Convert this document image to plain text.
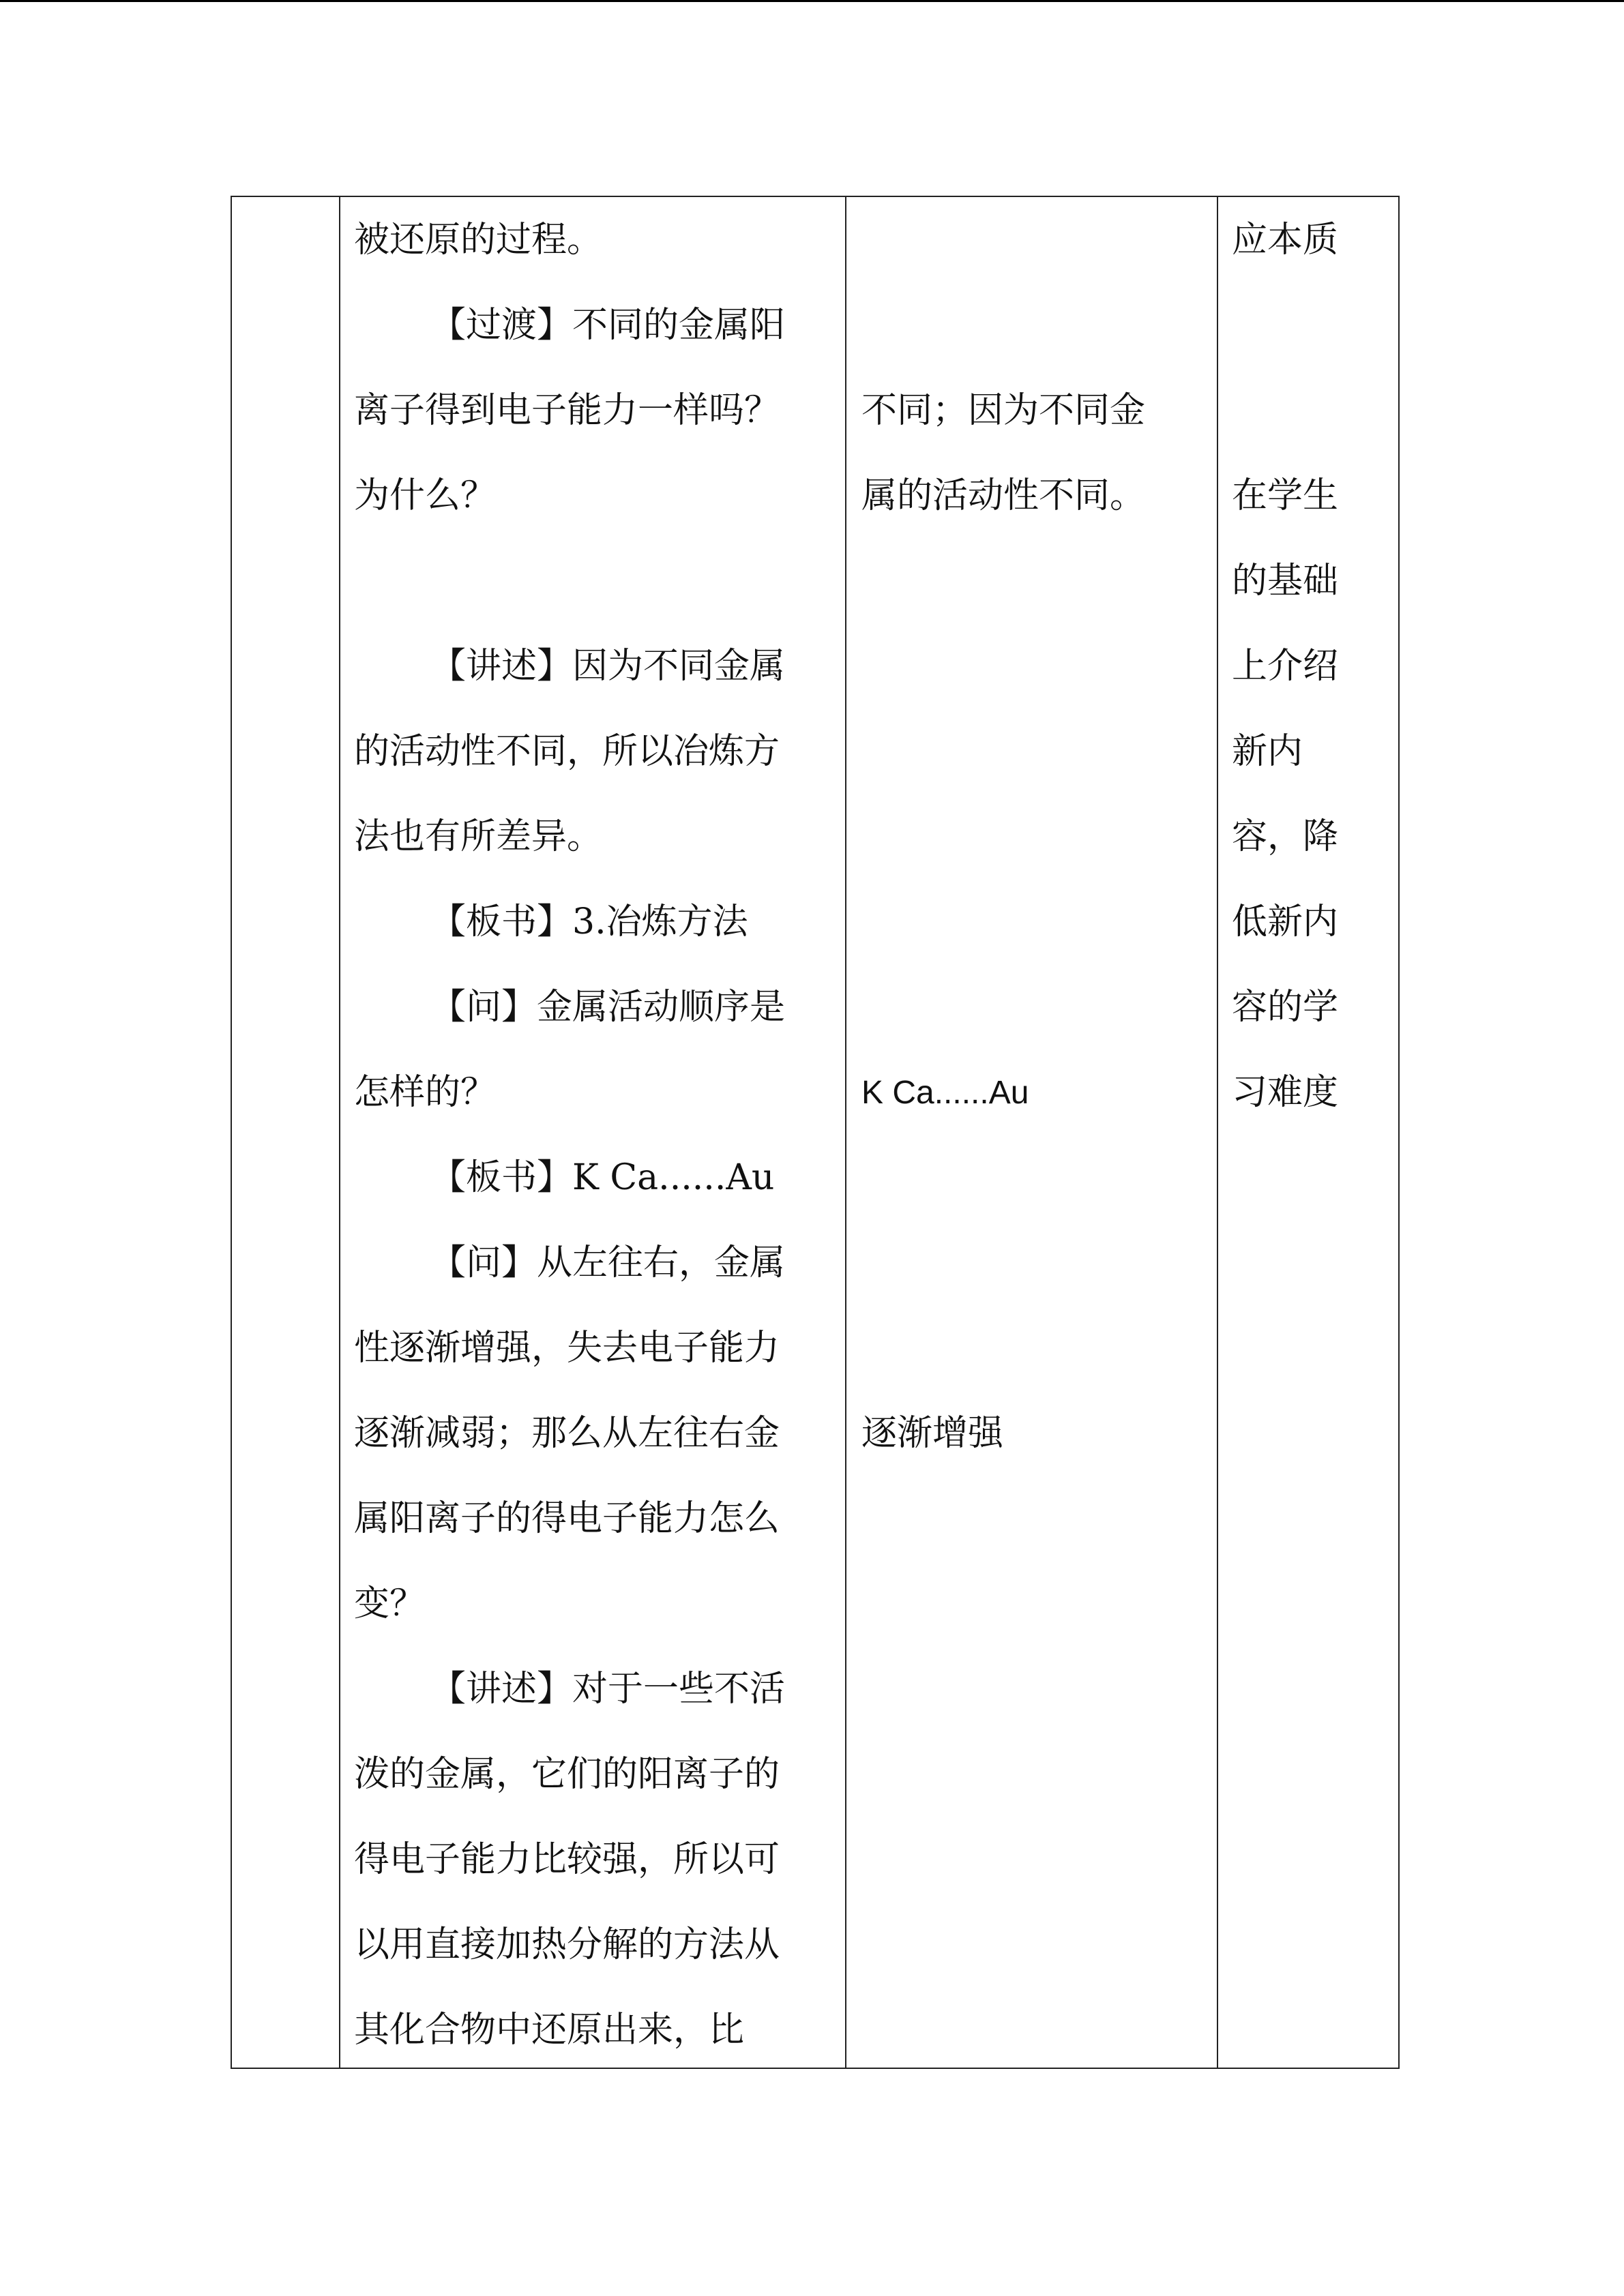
被还原的过程。
【过渡】不同的金属阳
离子得到电子能力一样吗？
为什么？
【讲述】因为不同金属
的活动性不同，所以冶炼方
法也有所差异。
【板书】3.冶炼方法
【问】金属活动顺序是
怎样的？
【板书】K Ca......Au
【问】从左往右，金属
性逐渐增强，失去电子能力
逐渐减弱；那么从左往右金
属阳离子的得电子能力怎么
变？
【讲述】对于一些不活
泼的金属，它们的阳离子的
得电子能力比较强，所以可
以用直接加热分解的方法从
其化合物中还原出来，比

不同；因为不同金
属的活动性不同。
K Ca......Au
逐渐增强

应本质
在学生
的基础
上介绍
新内
容，降
低新内
容的学
习难度
